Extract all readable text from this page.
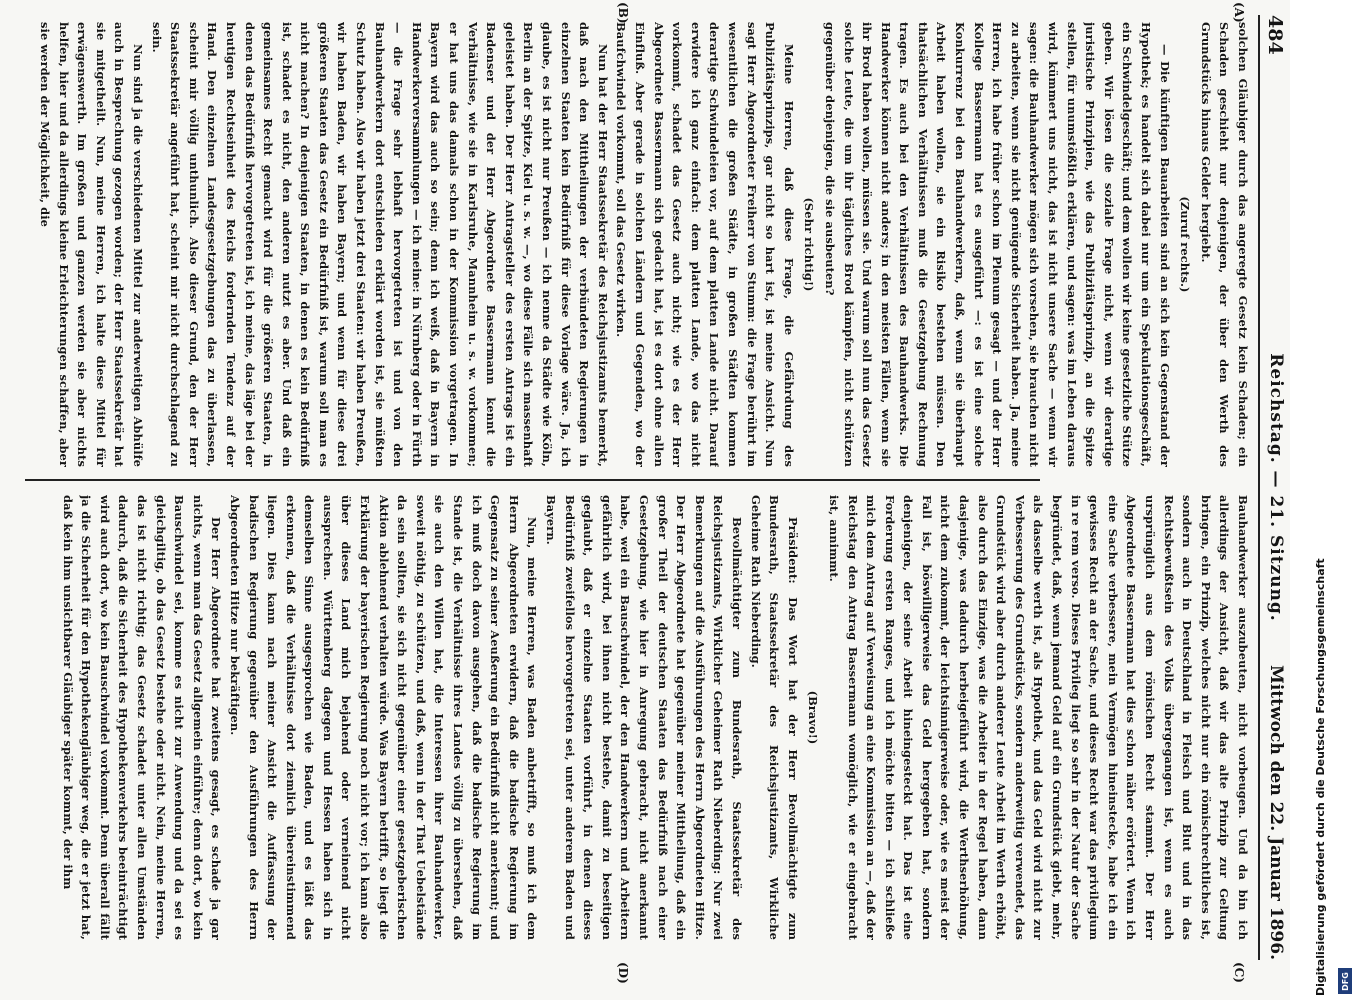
484
Reichstag. — 21. Sitzung.
Mittwoch den 22. Januar 1896.
(A)
(B)
(C)
(D)

solchen Gläubiger durch das angeregte Gesetz kein Schaden; ein Schaden geschieht nur denjenigen, der über den Werth des Grundstücks hinaus Gelder hergiebt.

(Zuruf rechts.)

— Die künftigen Bauarbeiten sind an sich kein Gegenstand der Hypothek; es handelt sich dabei nur um ein Spekulationsgeschäft, ein Schwindelgeschäft; und dem wollen wir keine gesetzliche Stütze geben. Wir lösen die soziale Frage nicht, wenn wir derartige juristische Prinzipien, wie das Publizitätsprinzip, an die Spitze stellen, für unumstößlich erklären, und sagen: was im Leben daraus wird, kümmert uns nicht, das ist nicht unsere Sache — wenn wir sagen: die Bauhandwerker mögen sich vorsehen, sie brauchen nicht zu arbeiten, wenn sie nicht genügende Sicherheit haben. Ja, meine Herren, ich habe früher schon im Plenum gesagt — und der Herr Kollege Bassermann hat es ausgeführt —: es ist eine solche Konkurrenz bei den Bauhandwerkern, daß, wenn sie überhaupt Arbeit haben wollen, sie ein Risiko bestehen müssen. Den thatsächlichen Verhältnissen muß die Gesetzgebung Rechnung tragen. Es auch bei den Verhältnissen des Bauhandwerks. Die Handwerker können nicht anders; in den meisten Fällen, wenn sie ihr Brod haben wollen, müssen sie. Und warum soll nun das Gesetz solche Leute, die um ihr tägliches Brod kämpfen, nicht schützen gegenüber denjenigen, die sie ausbeuten?

(Sehr richtig!)

Meine Herren, daß diese Frage, die Gefährdung des Publizitätsprinzips, gar nicht so hart ist, ist meine Ansicht. Nun sagt Herr Abgeordneter Freiherr von Stumm: die Frage berührt im wesentlichen die großen Städte, in großen Städten kommen derartige Schwindeleien vor, auf dem platten Lande nicht. Darauf erwidere ich ganz einfach: dem platten Lande, wo das nicht vorkommt, schadet das Gesetz auch nicht; wie es der Herr Abgeordnete Bassermann sich gedacht hat, ist es dort ohne allen Einfluß. Aber gerade in solchen Ländern und Gegenden, wo der Baufchwindel vorkommt, soll das Gesetz wirken.

Nun hat der Herr Staatssekretär des Reichsjustizamts bemerkt, daß nach den Mittheilungen der verbündeten Regierungen in einzelnen Staaten kein Bedürfniß für diese Vorlage wäre. Ja, ich glaube, es ist nicht nur Preußen — ich nenne da Städte wie Köln, Berlin an der Spitze, Kiel u. s. w. —, wo diese Fälle sich massenhaft geleistet haben. Der Herr Antragsteller des ersten Antrags ist ein Badenser und der Herr Abgeordnete Bassermann kennt die Verhältnisse, wie sie in Karlsruhe, Mannheim u. s. w. vorkommen; er hat uns das damals schon in der Kommission vorgetragen. In Bayern wird das auch so sein; denn ich weiß, daß in Bayern in Handwerkerversammlungen — ich meine: in Nürnberg oder in Fürth — die Frage sehr lebhaft hervorgetreten ist und von den Bauhandwerkern dort entschieden erklärt worden ist, sie müßten Schutz haben. Also wir haben jetzt drei Staaten: wir haben Preußen, wir haben Baden, wir haben Bayern; und wenn für diese drei größeren Staaten das Gesetz ein Bedürfniß ist, warum soll man es nicht machen? In denjenigen Staaten, in denen es kein Bedürfniß ist, schadet es nicht, den anderen nutzt es aber. Und daß ein gemeinsames Recht gemacht wird für die größeren Staaten, in denen das Bedürfniß hervorgetreten ist, ich meine, das läge bei der heutigen Rechtseinheit des Reichs fordernden Tendenz auf der Hand. Den einzelnen Landesgesetzgebungen das zu überlassen, scheint mir völlig unthunlich. Also dieser Grund, den der Herr Staatssekretär angeführt hat, scheint mir nicht durchschlagend zu sein.

Nun sind ja die verschiedenen Mittel zur anderweitigen Abhülfe auch in Besprechung gezogen worden; der Herr Staatssekretär hat sie mitgetheilt. Nun, meine Herren, ich halte diese Mittel für erwägenswerth. Im großen und ganzen werden sie aber nichts helfen, hier und da allerdings kleine Erleichterungen schaffen, aber sie werden der Möglichkeit, die

Bauhandwerker auszubeuten, nicht vorbeugen. Und da bin ich allerdings der Ansicht, daß wir das alte Prinzip zur Geltung bringen, ein Prinzip, welches nicht nur ein römischrechtliches ist, sondern auch in Deutschland in Fleisch und Blut und in das Rechtsbewußtsein des Volks übergegangen ist, wenn es auch ursprünglich aus dem römischen Recht stammt. Der Herr Abgeordnete Bassermann hat dies schon näher erörtert. Wenn ich eine Sache verbessere, mein Vermögen hineinstecke, habe ich ein gewisses Recht an der Sache, und dieses Recht war das privilegium in re rem verso. Dieses Privileg liegt so sehr in der Natur der Sache begründet, daß, wenn jemand Geld auf ein Grundstück giebt, mehr, als dasselbe werth ist, als Hypothek, und das Geld wird nicht zur Verbesserung des Grundstücks, sondern anderweitig verwendet, das Grundstück wird aber durch anderer Leute Arbeit im Werth erhöht, also durch das Einzige, was die Arbeiter in der Regel haben, dann dasjenige, was dadurch herbeigeführt wird, die Werthserhöhung, nicht dem zukommt, der leichtsinnigerweise oder, wie es meist der Fall ist, böswilligerweise das Geld hergegeben hat, sondern denjenigen, der seine Arbeit hineingesteckt hat. Das ist eine Forderung ersten Ranges, und ich möchte bitten — ich schließe mich dem Antrag auf Verweisung an eine Kommission an —, daß der Reichstag den Antrag Bassermann womöglich, wie er eingebracht ist, annimmt.

(Bravo!)

Präsident: Das Wort hat der Herr Bevollmächtigte zum Bundesrath, Staatssekretär des Reichsjustizamts, Wirkliche Geheime Rath Nieberding.

Bevollmächtigter zum Bundesrath, Staatssekretär des Reichsjustizamts, Wirklicher Geheimer Rath Nieberding: Nur zwei Bemerkungen auf die Ausführungen des Herrn Abgeordneten Hitze. Der Herr Abgeordnete hat gegenüber meiner Mittheilung, daß ein großer Theil der deutschen Staaten das Bedürfniß nach einer Gesetzgebung, wie hier in Anregung gebracht, nicht anerkannt habe, weil ein Bauschwindel, der den Handwerkern und Arbeitern gefährlich wird, bei ihnen nicht bestehe, damit zu beseitigen geglaubt, daß er einzelne Staaten vorführt, in denen dieses Bedürfniß zweifellos hervorgetreten sei, unter anderem Baden und Bayern.

Nun, meine Herren, was Baden anbetrifft, so muß ich dem Herrn Abgeordneten erwidern, daß die badische Regierung im Gegensatz zu seiner Aeußerung ein Bedürfniß nicht anerkennt; und ich muß doch davon ausgehen, daß die badische Regierung im Stande ist, die Verhältnisse ihres Landes völlig zu übersehen, daß sie auch den Willen hat, die Interessen ihrer Bauhandwerker, soweit nöthig, zu schützen, und daß, wenn in der That Uebelstände da sein sollten, sie sich nicht gegenüber einer gesetzgeberischen Aktion ablehnend verhalten würde. Was Bayern betrifft, so liegt die Erklärung der bayerischen Regierung noch nicht vor; ich kann also über dieses Land mich bejahend oder verneinend nicht aussprechen. Württemberg dagegen und Hessen haben sich in demselben Sinne ausgesprochen wie Baden, und es läßt das erkennen, daß die Verhältnisse dort ziemlich übereinstimmend liegen. Dies kann nach meiner Ansicht die Auffassung der badischen Regierung gegenüber den Ausführungen des Herrn Abgeordneten Hitze nur bekräftigen.

Der Herr Abgeordnete hat zweitens gesagt, es schade ja gar nichts, wenn man das Gesetz allgemein einführe; denn dort, wo kein Bauschwindel sei, komme es nicht zur Anwendung und da sei es gleichgiltig, ob das Gesetz bestehe oder nicht. Nein, meine Herren, das ist nicht richtig; das Gesetz schadet unter allen Umständen dadurch, daß die Sicherheit des Hypothekenverkehrs beeinträchtigt wird auch dort, wo kein Bauschwindel vorkommt. Denn überall fällt ja die Sicherheit für den Hypothekengläubiger weg, die er jetzt hat, daß kein ihm unsichtbarer Gläubiger später kommt, der ihm	Digitalisierung gefördert durch die Deutsche Forschungsgemeinschaft DFG
